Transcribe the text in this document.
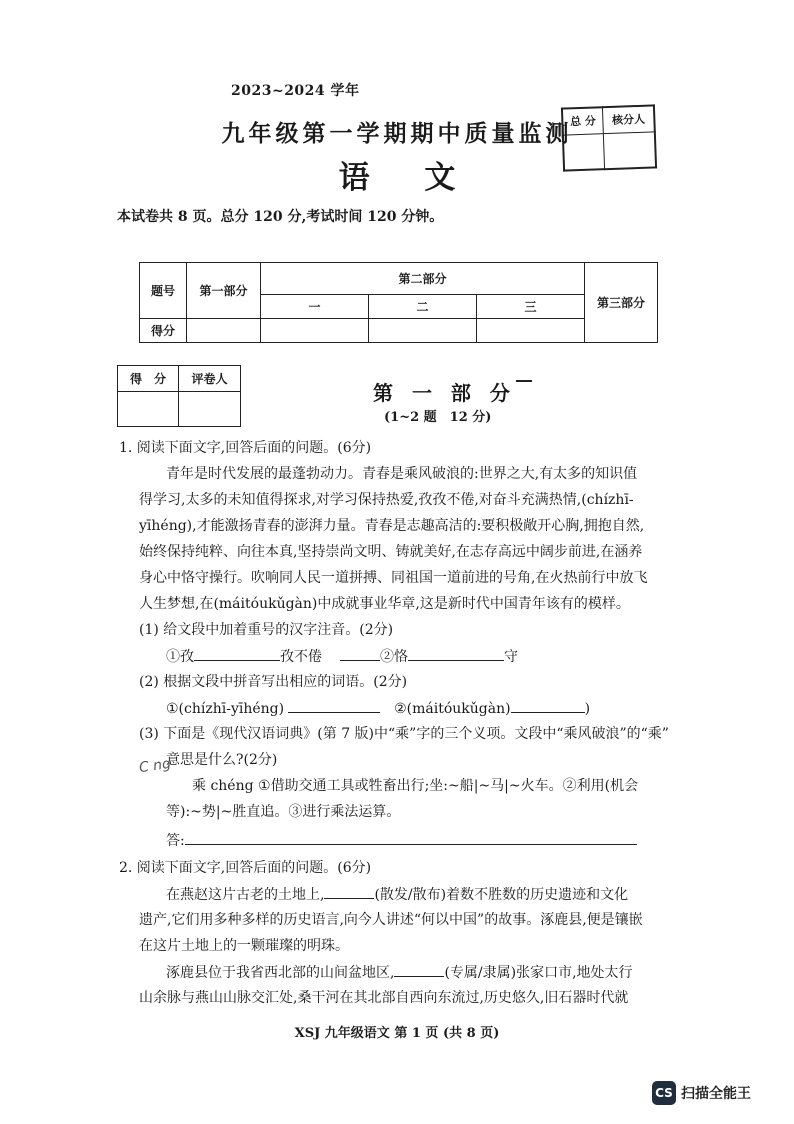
2023~2024 学年
九年级第一学期期中质量监测
语 文
总 分	核分人

本试卷共 8 页。总分 120 分,考试时间 120 分钟。
题号	第一部分	第二部分			第三部分
		一	二	三	
得分					
得　分	评卷人

第 一 部 分
(1~2 题　12 分)
1. 阅读下面文字,回答后面的问题。(6分)
青年是时代发展的最蓬勃动力。青春是乘风破浪的:世界之大,有太多的知识值
得学习,太多的未知值得探求,对学习保持热爱,孜孜不倦,对奋斗充满热情,(chízhī-
yīhéng),才能激扬青春的澎湃力量。青春是志趣高洁的:要积极敞开心胸,拥抱自然,
始终保持纯粹、向往本真,坚持崇尚文明、铸就美好,在志存高远中阔步前进,在涵养
身心中恪守操行。吹响同人民一道拼搏、同祖国一道前进的号角,在火热前行中放飞
人生梦想,在(máitóukǔgàn)中成就事业华章,这是新时代中国青年该有的模样。
(1) 给文段中加着重号的汉字注音。(2分)
①孜	孜不倦	②恪	守
(2) 根据文段中拼音写出相应的词语。(2分)
①(chízhī-yīhéng)	②(máitóukǔgàn)	)
(3) 下面是《现代汉语词典》(第 7 版)中“乘”字的三个义项。文段中“乘风破浪”的“乘”
意思是什么?(2分)
C ng
乘 chéng ①借助交通工具或牲畜出行;坐:~船|~马|~火车。②利用(机会
等):~势|~胜直追。③进行乘法运算。
答:
2. 阅读下面文字,回答后面的问题。(6分)
在燕赵这片古老的土地上,	(散发/散布)着数不胜数的历史遗迹和文化
遗产,它们用多种多样的历史语言,向今人讲述“何以中国”的故事。涿鹿县,便是镶嵌
在这片土地上的一颗璀璨的明珠。
涿鹿县位于我省西北部的山间盆地区,	(专属/隶属)张家口市,地处太行
山余脉与燕山山脉交汇处,桑干河在其北部自西向东流过,历史悠久,旧石器时代就
XSJ 九年级语文 第 1 页 (共 8 页)
CS 扫描全能王
